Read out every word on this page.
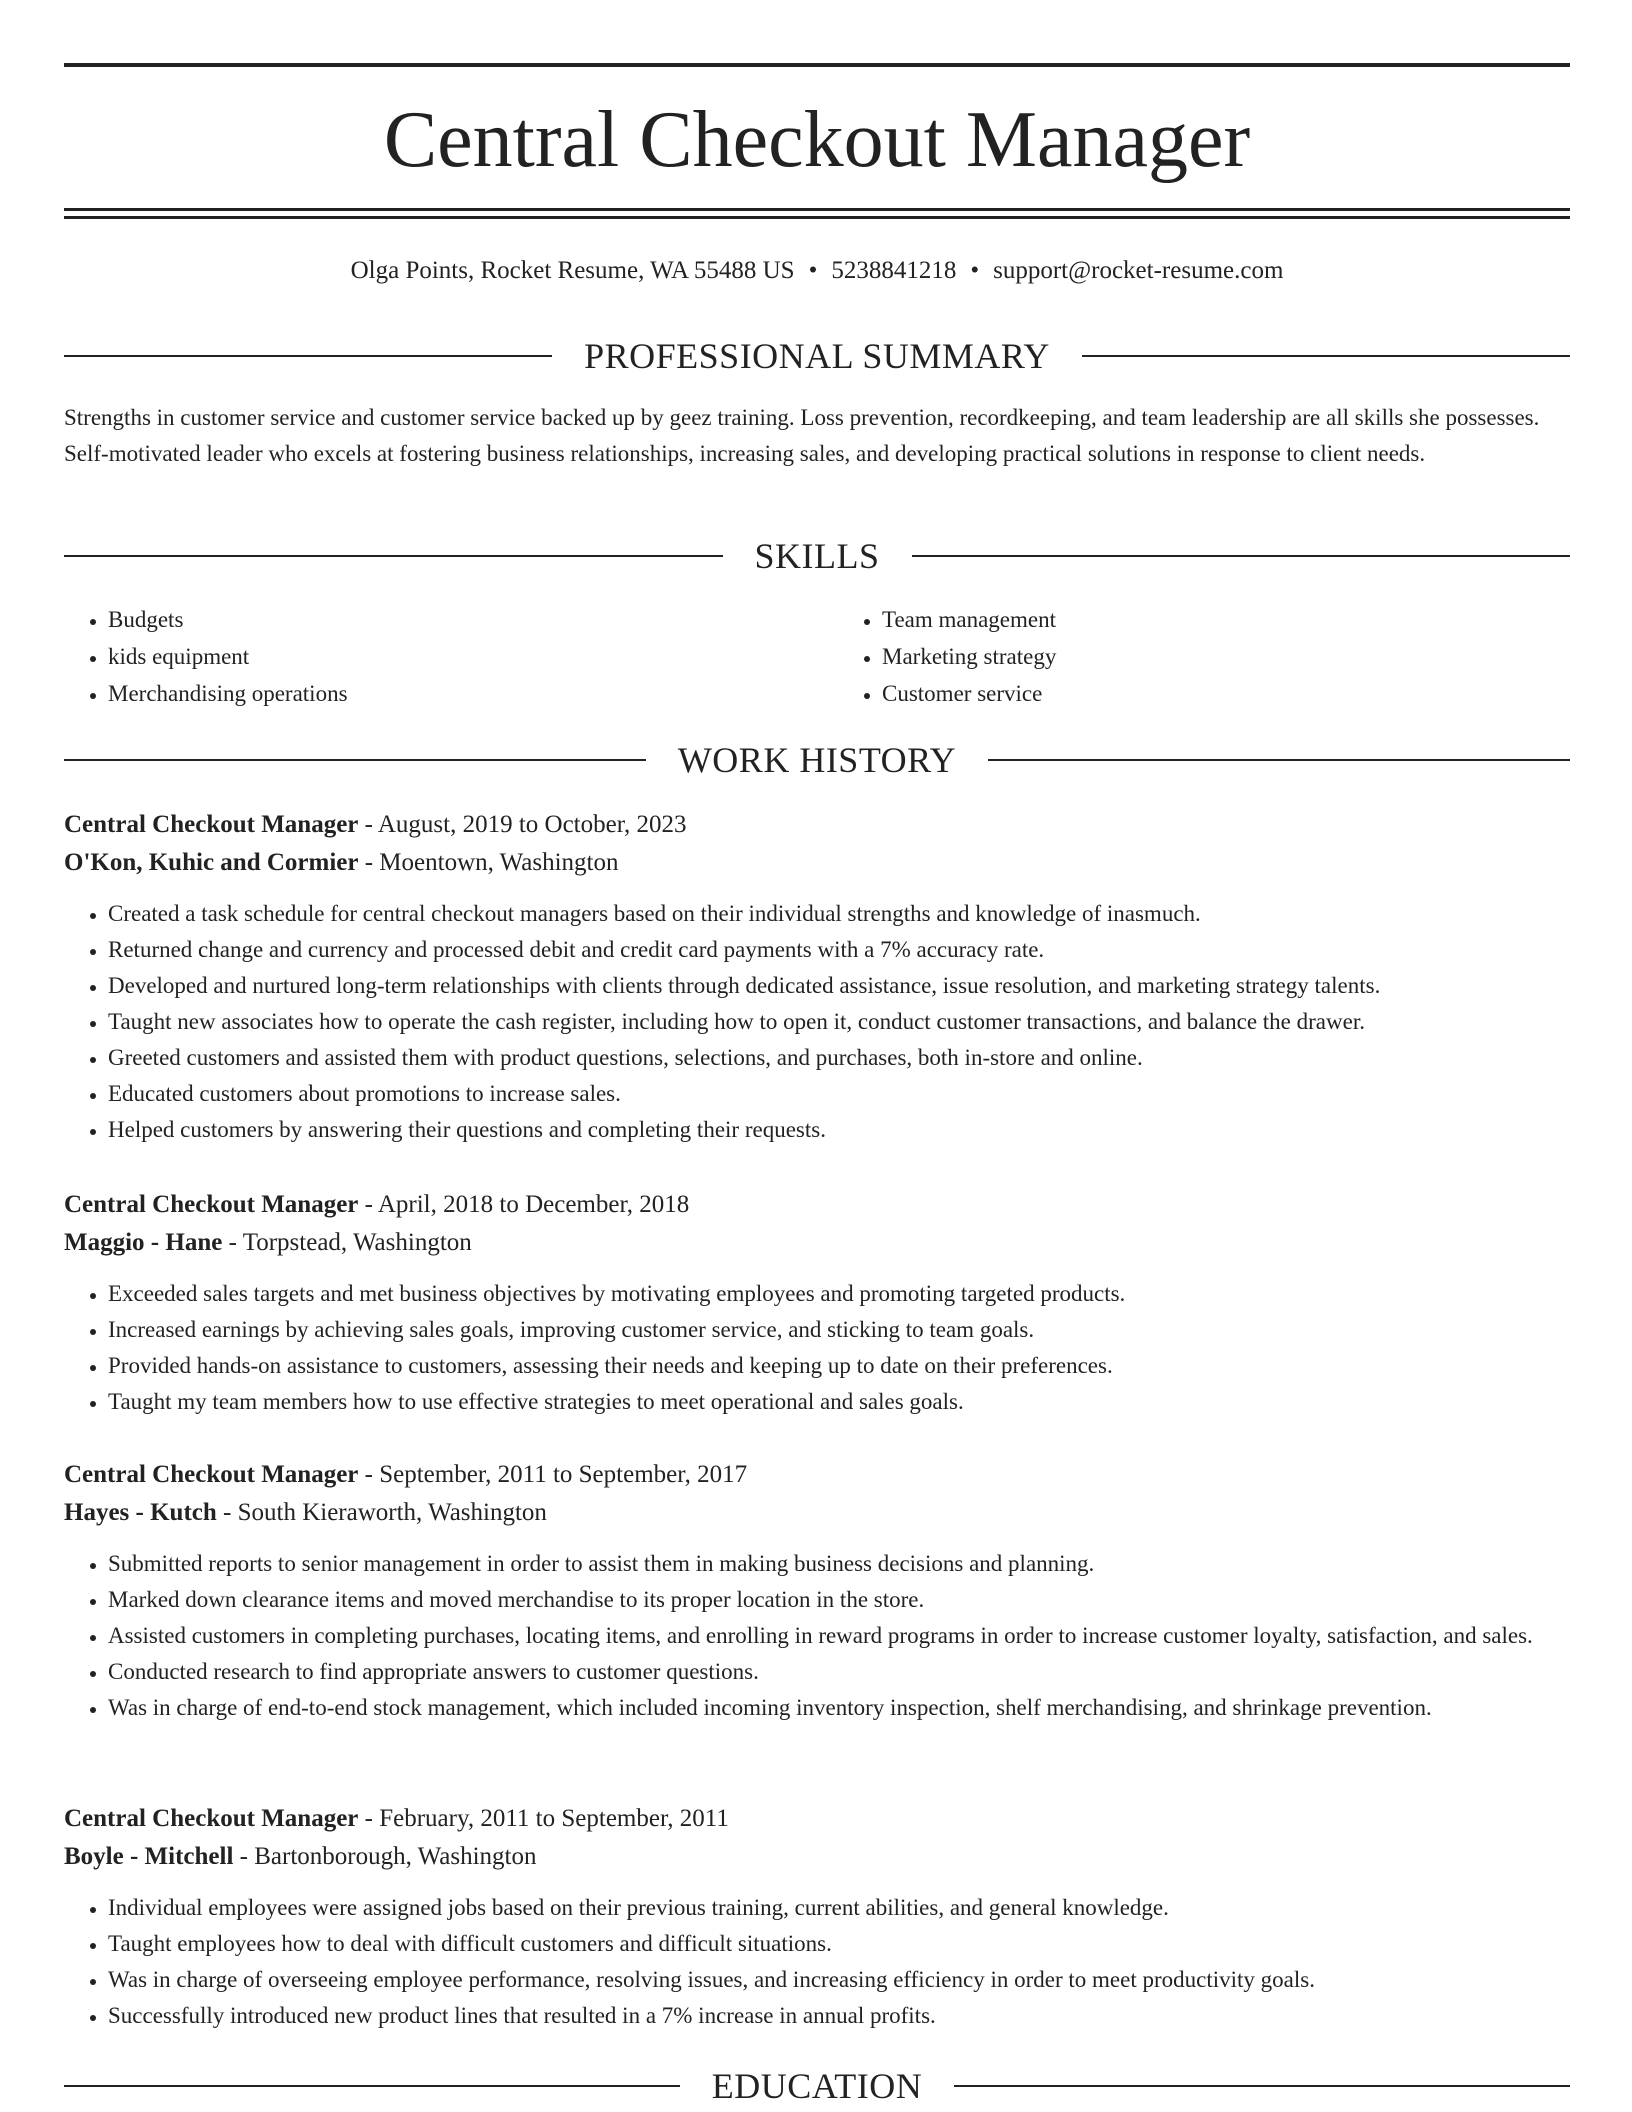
Central Checkout Manager
Olga Points, Rocket Resume, WA 55488 US • 5238841218 • support@rocket-resume.com
PROFESSIONAL SUMMARY
Strengths in customer service and customer service backed up by geez training. Loss prevention, recordkeeping, and team leadership are all skills she possesses. Self-motivated leader who excels at fostering business relationships, increasing sales, and developing practical solutions in response to client needs.
SKILLS
• Budgets
• kids equipment
• Merchandising operations
• Team management
• Marketing strategy
• Customer service
WORK HISTORY
Central Checkout Manager - August, 2019 to October, 2023
O'Kon, Kuhic and Cormier - Moentown, Washington
• Created a task schedule for central checkout managers based on their individual strengths and knowledge of inasmuch.
• Returned change and currency and processed debit and credit card payments with a 7% accuracy rate.
• Developed and nurtured long-term relationships with clients through dedicated assistance, issue resolution, and marketing strategy talents.
• Taught new associates how to operate the cash register, including how to open it, conduct customer transactions, and balance the drawer.
• Greeted customers and assisted them with product questions, selections, and purchases, both in-store and online.
• Educated customers about promotions to increase sales.
• Helped customers by answering their questions and completing their requests.
Central Checkout Manager - April, 2018 to December, 2018
Maggio - Hane - Torpstead, Washington
• Exceeded sales targets and met business objectives by motivating employees and promoting targeted products.
• Increased earnings by achieving sales goals, improving customer service, and sticking to team goals.
• Provided hands-on assistance to customers, assessing their needs and keeping up to date on their preferences.
• Taught my team members how to use effective strategies to meet operational and sales goals.
Central Checkout Manager - September, 2011 to September, 2017
Hayes - Kutch - South Kieraworth, Washington
• Submitted reports to senior management in order to assist them in making business decisions and planning.
• Marked down clearance items and moved merchandise to its proper location in the store.
• Assisted customers in completing purchases, locating items, and enrolling in reward programs in order to increase customer loyalty, satisfaction, and sales.
• Conducted research to find appropriate answers to customer questions.
• Was in charge of end-to-end stock management, which included incoming inventory inspection, shelf merchandising, and shrinkage prevention.
Central Checkout Manager - February, 2011 to September, 2011
Boyle - Mitchell - Bartonborough, Washington
• Individual employees were assigned jobs based on their previous training, current abilities, and general knowledge.
• Taught employees how to deal with difficult customers and difficult situations.
• Was in charge of overseeing employee performance, resolving issues, and increasing efficiency in order to meet productivity goals.
• Successfully introduced new product lines that resulted in a 7% increase in annual profits.
EDUCATION
